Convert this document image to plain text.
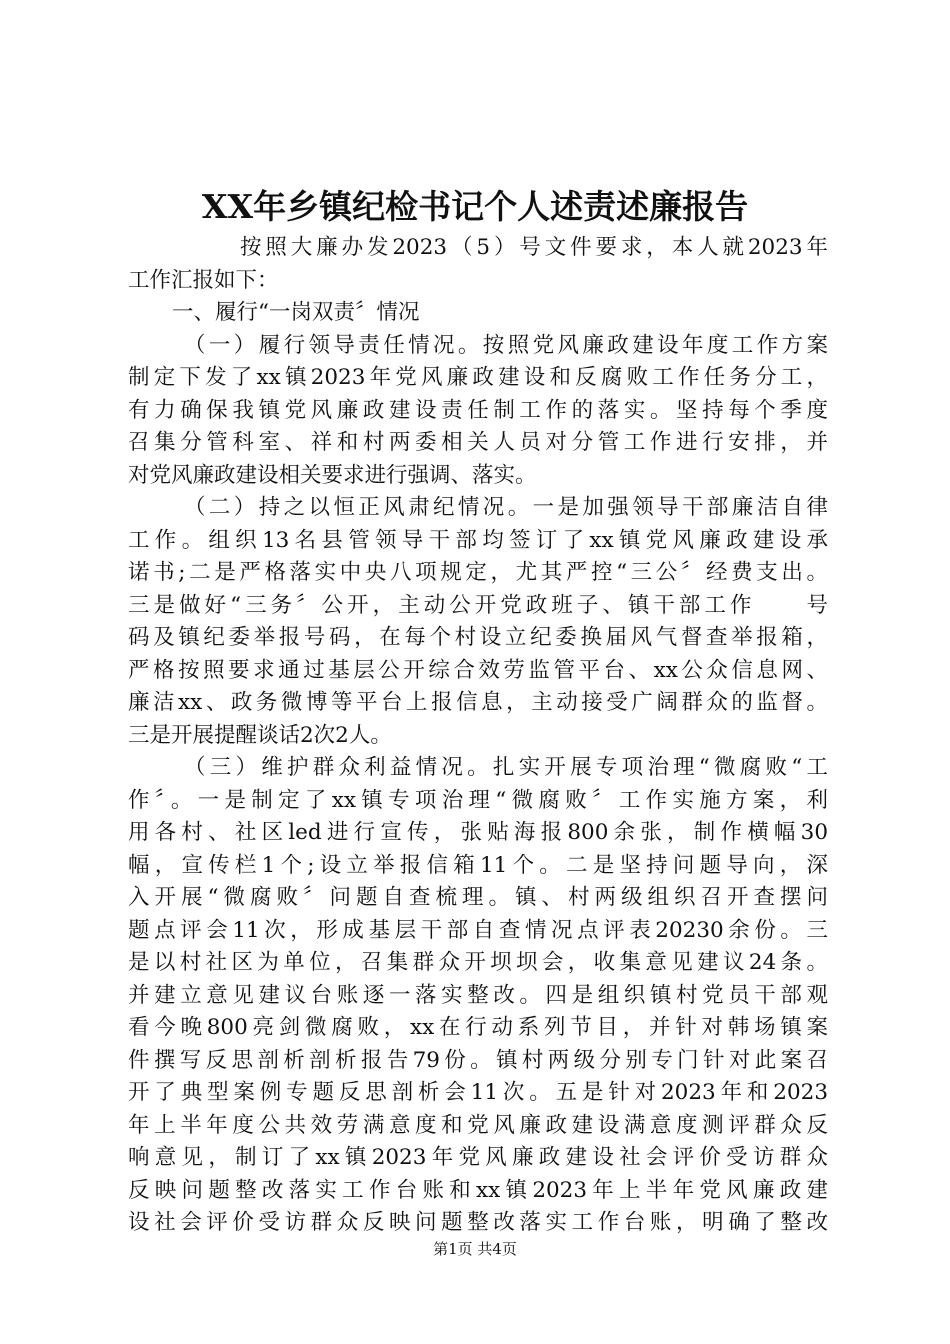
XX年乡镇纪检书记个人述责述廉报告
按照大廉办发2023（5）号文件要求，本人就2023年
工作汇报如下：
一、履行“一岗双责〞情况
（一）履行领导责任情况。按照党风廉政建设年度工作方案
制定下发了xx镇2023年党风廉政建设和反腐败工作任务分工，
有力确保我镇党风廉政建设责任制工作的落实。坚持每个季度
召集分管科室、祥和村两委相关人员对分管工作进行安排，并
对党风廉政建设相关要求进行强调、落实。
（二）持之以恒正风肃纪情况。一是加强领导干部廉洁自律
工作。组织13名县管领导干部均签订了xx镇党风廉政建设承
诺书;二是严格落实中央八项规定，尤其严控“三公〞经费支出。
三是做好“三务〞公开，主动公开党政班子、镇干部工作　　号
码及镇纪委举报号码，在每个村设立纪委换届风气督查举报箱，
严格按照要求通过基层公开综合效劳监管平台、xx公众信息网、
廉洁xx、政务微博等平台上报信息，主动接受广阔群众的监督。
三是开展提醒谈话2次2人。
（三）维护群众利益情况。扎实开展专项治理“微腐败“工
作〞。一是制定了xx镇专项治理“微腐败〞工作实施方案，利
用各村、社区led进行宣传，张贴海报800余张，制作横幅30
幅，宣传栏1个;设立举报信箱11个。二是坚持问题导向，深
入开展“微腐败〞问题自查梳理。镇、村两级组织召开查摆问
题点评会11次，形成基层干部自查情况点评表20230余份。三
是以村社区为单位，召集群众开坝坝会，收集意见建议24条。
并建立意见建议台账逐一落实整改。四是组织镇村党员干部观
看今晚800亮剑微腐败，xx在行动系列节目，并针对韩场镇案
件撰写反思剖析剖析报告79份。镇村两级分别专门针对此案召
开了典型案例专题反思剖析会11次。五是针对2023年和2023
年上半年度公共效劳满意度和党风廉政建设满意度测评群众反
响意见，制订了xx镇2023年党风廉政建设社会评价受访群众
反映问题整改落实工作台账和xx镇2023年上半年党风廉政建
设社会评价受访群众反映问题整改落实工作台账，明确了整改
第1页 共4页
